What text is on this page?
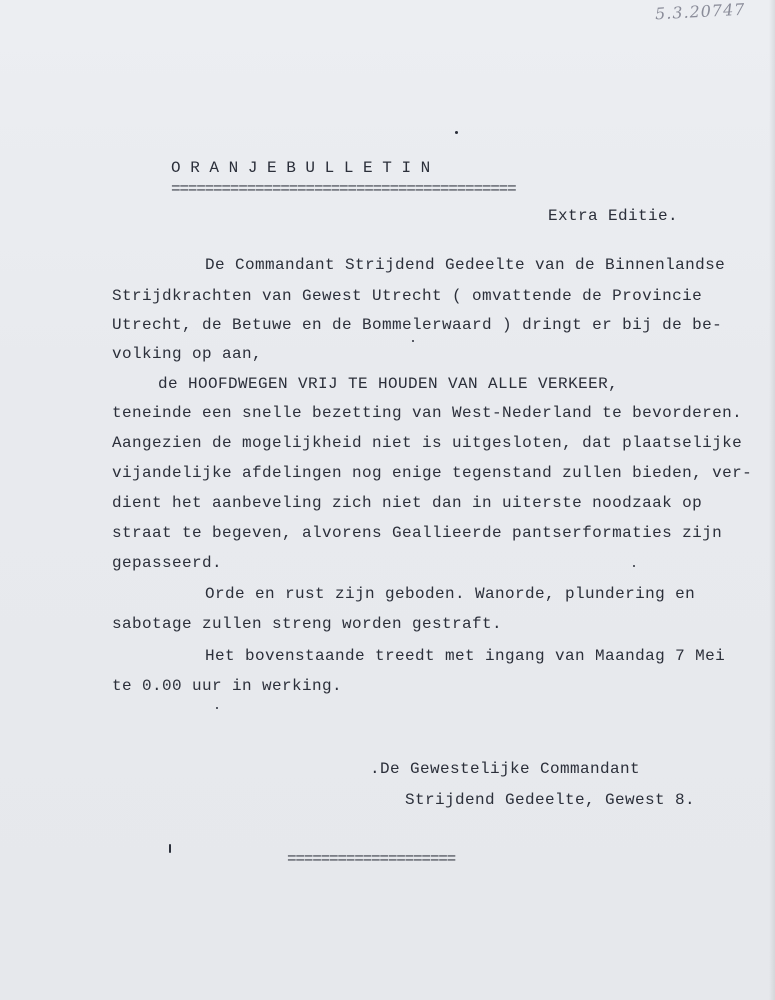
5.3.20747
O R A N J E B U L L E T I N
=========================================
Extra Editie.
De Commandant Strijdend Gedeelte van de Binnenlandse
Strijdkrachten van Gewest Utrecht ( omvattende de Provincie
Utrecht, de Betuwe en de Bommelerwaard ) dringt er bij de be-
volking op aan,
de HOOFDWEGEN VRIJ TE HOUDEN VAN ALLE VERKEER,
teneinde een snelle bezetting van West-Nederland te bevorderen.
Aangezien de mogelijkheid niet is uitgesloten, dat plaatselijke
vijandelijke afdelingen nog enige tegenstand zullen bieden, ver-
dient het aanbeveling zich niet dan in uiterste noodzaak op
straat te begeven, alvorens Geallieerde pantserformaties zijn
gepasseerd.
Orde en rust zijn geboden. Wanorde, plundering en
sabotage zullen streng worden gestraft.
Het bovenstaande treedt met ingang van Maandag 7 Mei
te 0.00 uur in werking.
.De Gewestelijke Commandant
Strijdend Gedeelte, Gewest 8.
====================
